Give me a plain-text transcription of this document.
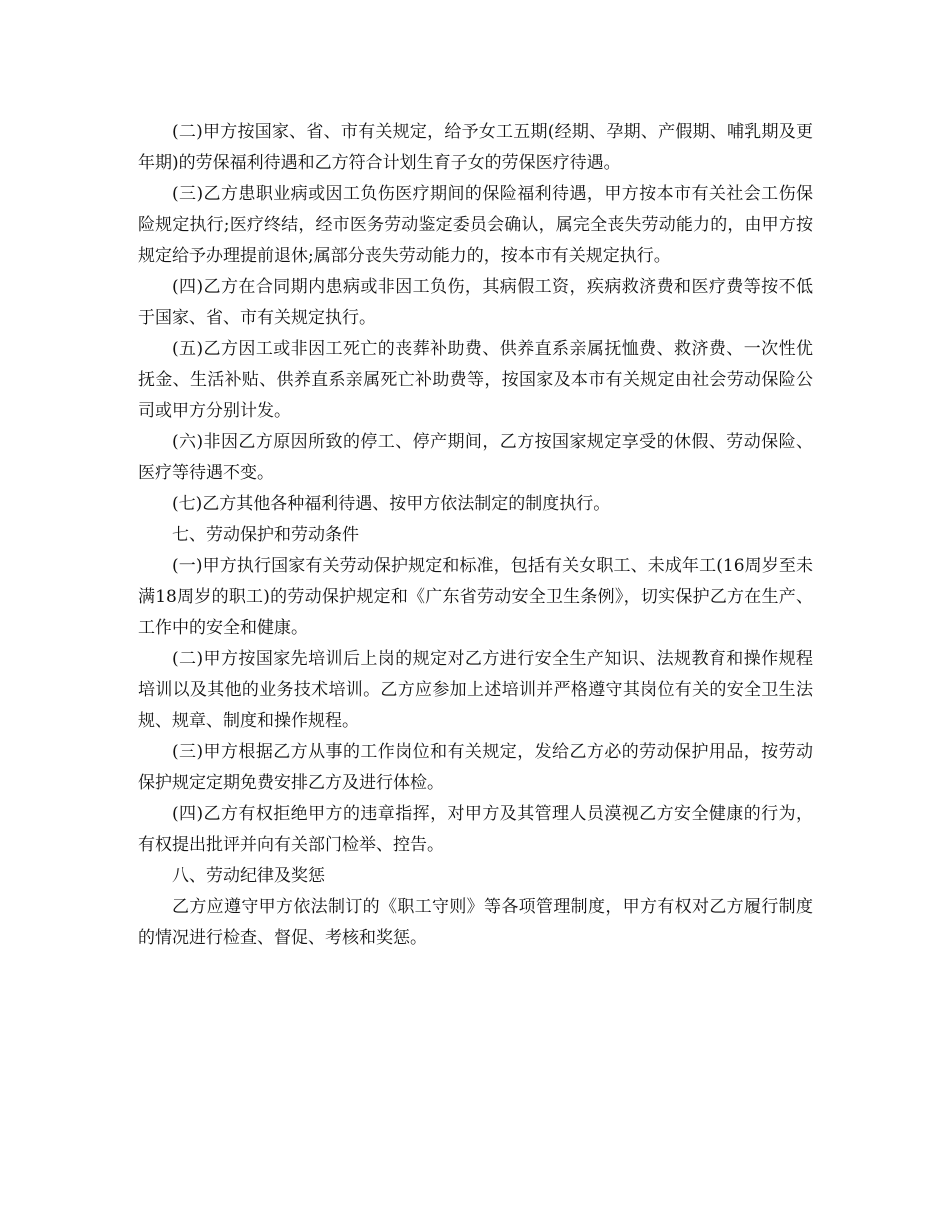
(二)甲方按国家、省、市有关规定，给予女工五期(经期、孕期、产假期、哺乳期及更年期)的劳保福利待遇和乙方符合计划生育子女的劳保医疗待遇。

(三)乙方患职业病或因工负伤医疗期间的保险福利待遇，甲方按本市有关社会工伤保险规定执行;医疗终结，经市医务劳动鉴定委员会确认，属完全丧失劳动能力的，由甲方按规定给予办理提前退休;属部分丧失劳动能力的，按本市有关规定执行。

(四)乙方在合同期内患病或非因工负伤，其病假工资，疾病救济费和医疗费等按不低于国家、省、市有关规定执行。

(五)乙方因工或非因工死亡的丧葬补助费、供养直系亲属抚恤费、救济费、一次性优抚金、生活补贴、供养直系亲属死亡补助费等，按国家及本市有关规定由社会劳动保险公司或甲方分别计发。

(六)非因乙方原因所致的停工、停产期间，乙方按国家规定享受的休假、劳动保险、医疗等待遇不变。

(七)乙方其他各种福利待遇、按甲方依法制定的制度执行。

七、劳动保护和劳动条件

(一)甲方执行国家有关劳动保护规定和标准，包括有关女职工、未成年工(16周岁至未满18周岁的职工)的劳动保护规定和《广东省劳动安全卫生条例》，切实保护乙方在生产、工作中的安全和健康。

(二)甲方按国家先培训后上岗的规定对乙方进行安全生产知识、法规教育和操作规程培训以及其他的业务技术培训。乙方应参加上述培训并严格遵守其岗位有关的安全卫生法规、规章、制度和操作规程。

(三)甲方根据乙方从事的工作岗位和有关规定，发给乙方必的劳动保护用品，按劳动保护规定定期免费安排乙方及进行体检。

(四)乙方有权拒绝甲方的违章指挥，对甲方及其管理人员漠视乙方安全健康的行为，有权提出批评并向有关部门检举、控告。

八、劳动纪律及奖惩

乙方应遵守甲方依法制订的《职工守则》等各项管理制度，甲方有权对乙方履行制度的情况进行检查、督促、考核和奖惩。
